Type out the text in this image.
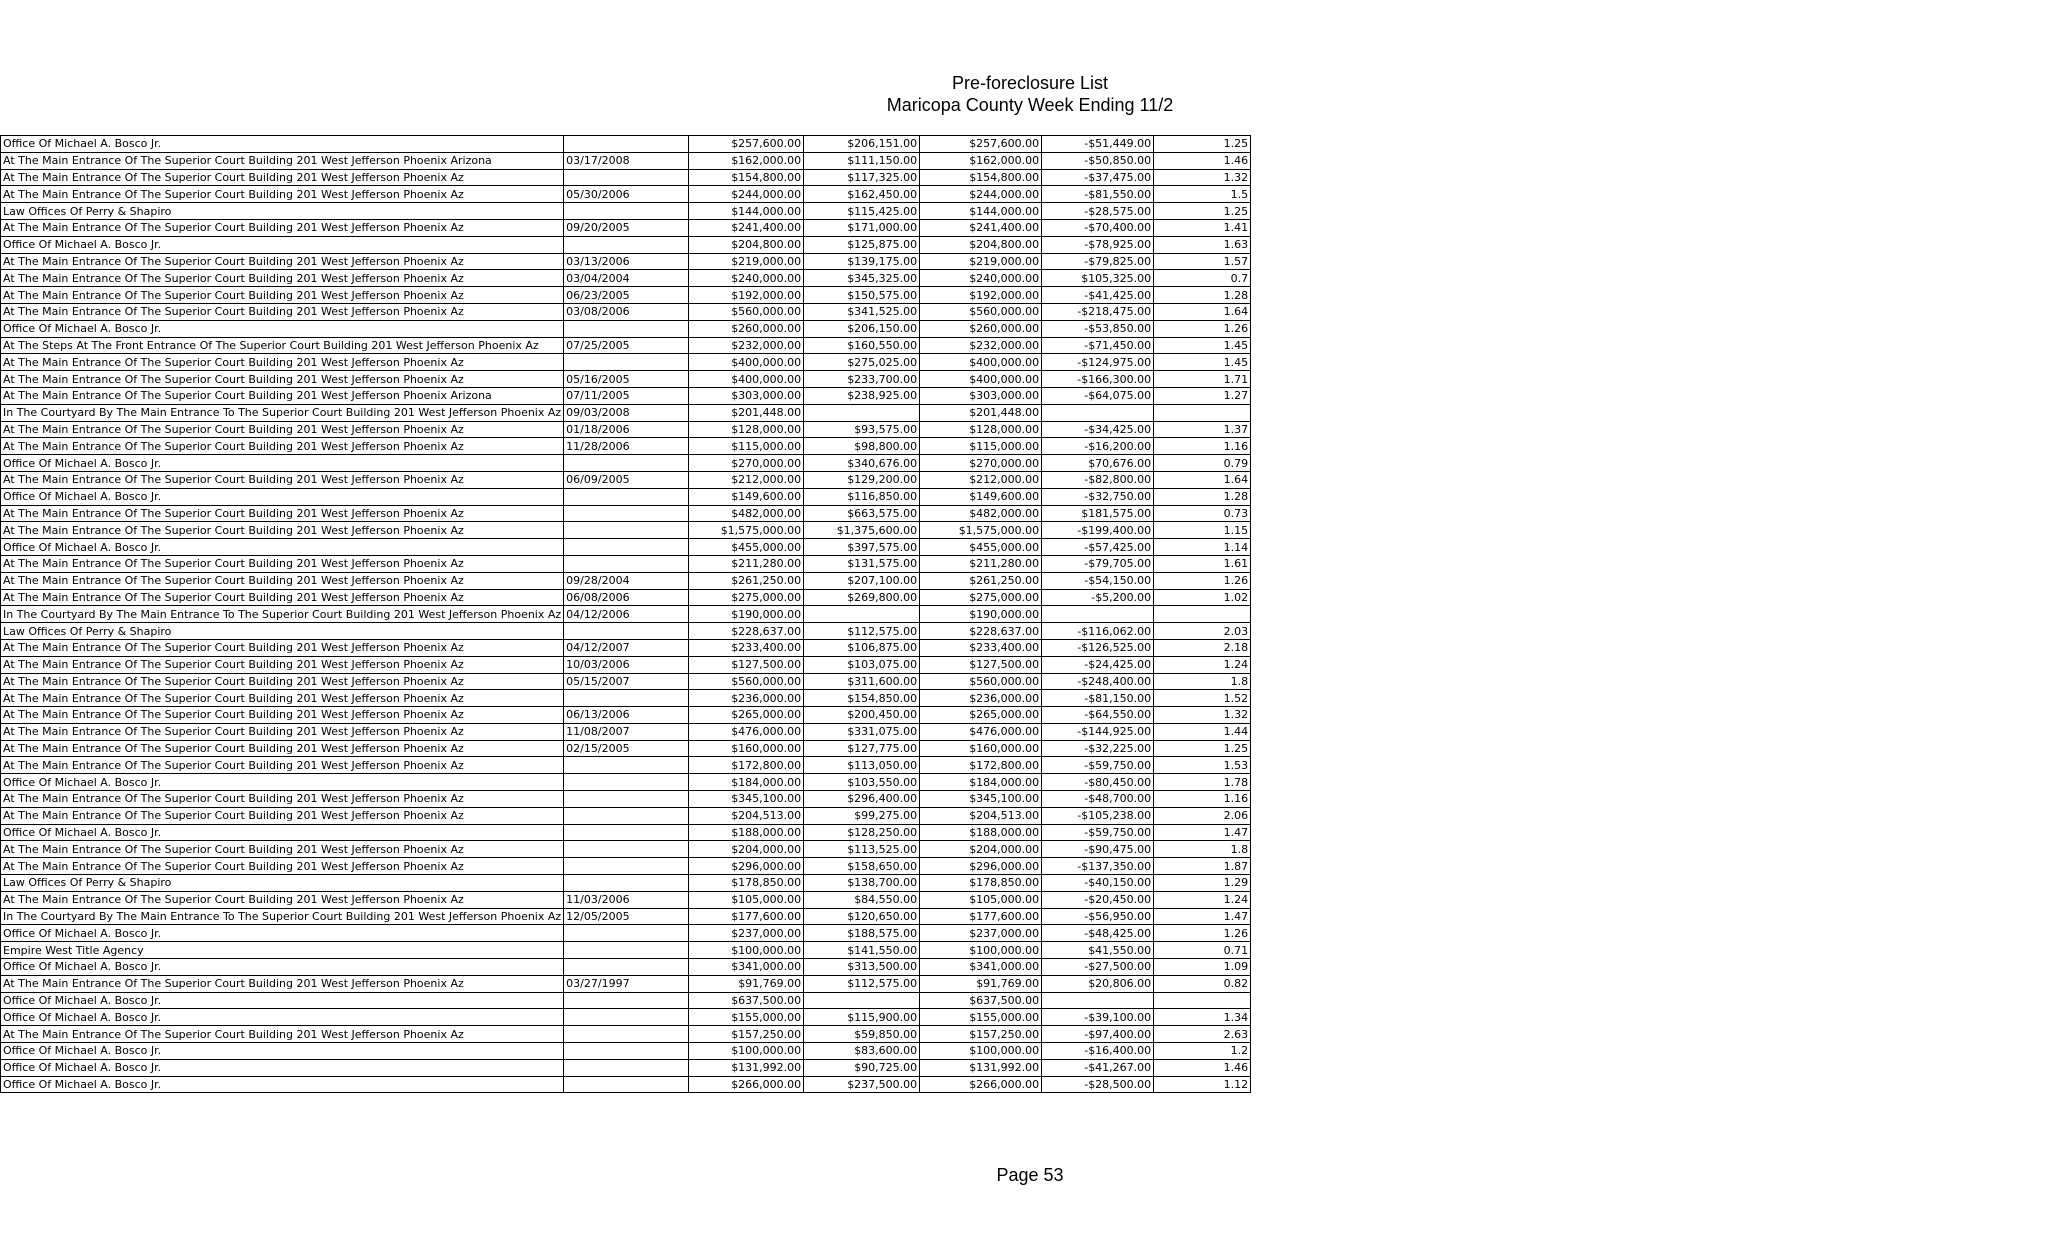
Pre-foreclosure List
Maricopa County Week Ending 11/2
Office Of Michael A. Bosco Jr.		$257,600.00	$206,151.00	$257,600.00	-$51,449.00	1.25
At The Main Entrance Of The Superior Court Building 201 West Jefferson Phoenix Arizona	03/17/2008	$162,000.00	$111,150.00	$162,000.00	-$50,850.00	1.46
At The Main Entrance Of The Superior Court Building 201 West Jefferson Phoenix Az		$154,800.00	$117,325.00	$154,800.00	-$37,475.00	1.32
At The Main Entrance Of The Superior Court Building 201 West Jefferson Phoenix Az	05/30/2006	$244,000.00	$162,450.00	$244,000.00	-$81,550.00	1.5
Law Offices Of Perry & Shapiro		$144,000.00	$115,425.00	$144,000.00	-$28,575.00	1.25
At The Main Entrance Of The Superior Court Building 201 West Jefferson Phoenix Az	09/20/2005	$241,400.00	$171,000.00	$241,400.00	-$70,400.00	1.41
Office Of Michael A. Bosco Jr.		$204,800.00	$125,875.00	$204,800.00	-$78,925.00	1.63
At The Main Entrance Of The Superior Court Building 201 West Jefferson Phoenix Az	03/13/2006	$219,000.00	$139,175.00	$219,000.00	-$79,825.00	1.57
At The Main Entrance Of The Superior Court Building 201 West Jefferson Phoenix Az	03/04/2004	$240,000.00	$345,325.00	$240,000.00	$105,325.00	0.7
At The Main Entrance Of The Superior Court Building 201 West Jefferson Phoenix Az	06/23/2005	$192,000.00	$150,575.00	$192,000.00	-$41,425.00	1.28
At The Main Entrance Of The Superior Court Building 201 West Jefferson Phoenix Az	03/08/2006	$560,000.00	$341,525.00	$560,000.00	-$218,475.00	1.64
Office Of Michael A. Bosco Jr.		$260,000.00	$206,150.00	$260,000.00	-$53,850.00	1.26
At The Steps At The Front Entrance Of The Superior Court Building 201 West Jefferson Phoenix Az	07/25/2005	$232,000.00	$160,550.00	$232,000.00	-$71,450.00	1.45
At The Main Entrance Of The Superior Court Building 201 West Jefferson Phoenix Az		$400,000.00	$275,025.00	$400,000.00	-$124,975.00	1.45
At The Main Entrance Of The Superior Court Building 201 West Jefferson Phoenix Az	05/16/2005	$400,000.00	$233,700.00	$400,000.00	-$166,300.00	1.71
At The Main Entrance Of The Superior Court Building 201 West Jefferson Phoenix Arizona	07/11/2005	$303,000.00	$238,925.00	$303,000.00	-$64,075.00	1.27
In The Courtyard By The Main Entrance To The Superior Court Building 201 West Jefferson Phoenix Az	09/03/2008	$201,448.00		$201,448.00		
At The Main Entrance Of The Superior Court Building 201 West Jefferson Phoenix Az	01/18/2006	$128,000.00	$93,575.00	$128,000.00	-$34,425.00	1.37
At The Main Entrance Of The Superior Court Building 201 West Jefferson Phoenix Az	11/28/2006	$115,000.00	$98,800.00	$115,000.00	-$16,200.00	1.16
Office Of Michael A. Bosco Jr.		$270,000.00	$340,676.00	$270,000.00	$70,676.00	0.79
At The Main Entrance Of The Superior Court Building 201 West Jefferson Phoenix Az	06/09/2005	$212,000.00	$129,200.00	$212,000.00	-$82,800.00	1.64
Office Of Michael A. Bosco Jr.		$149,600.00	$116,850.00	$149,600.00	-$32,750.00	1.28
At The Main Entrance Of The Superior Court Building 201 West Jefferson Phoenix Az		$482,000.00	$663,575.00	$482,000.00	$181,575.00	0.73
At The Main Entrance Of The Superior Court Building 201 West Jefferson Phoenix Az		$1,575,000.00	$1,375,600.00	$1,575,000.00	-$199,400.00	1.15
Office Of Michael A. Bosco Jr.		$455,000.00	$397,575.00	$455,000.00	-$57,425.00	1.14
At The Main Entrance Of The Superior Court Building 201 West Jefferson Phoenix Az		$211,280.00	$131,575.00	$211,280.00	-$79,705.00	1.61
At The Main Entrance Of The Superior Court Building 201 West Jefferson Phoenix Az	09/28/2004	$261,250.00	$207,100.00	$261,250.00	-$54,150.00	1.26
At The Main Entrance Of The Superior Court Building 201 West Jefferson Phoenix Az	06/08/2006	$275,000.00	$269,800.00	$275,000.00	-$5,200.00	1.02
In The Courtyard By The Main Entrance To The Superior Court Building 201 West Jefferson Phoenix Az	04/12/2006	$190,000.00		$190,000.00		
Law Offices Of Perry & Shapiro		$228,637.00	$112,575.00	$228,637.00	-$116,062.00	2.03
At The Main Entrance Of The Superior Court Building 201 West Jefferson Phoenix Az	04/12/2007	$233,400.00	$106,875.00	$233,400.00	-$126,525.00	2.18
At The Main Entrance Of The Superior Court Building 201 West Jefferson Phoenix Az	10/03/2006	$127,500.00	$103,075.00	$127,500.00	-$24,425.00	1.24
At The Main Entrance Of The Superior Court Building 201 West Jefferson Phoenix Az	05/15/2007	$560,000.00	$311,600.00	$560,000.00	-$248,400.00	1.8
At The Main Entrance Of The Superior Court Building 201 West Jefferson Phoenix Az		$236,000.00	$154,850.00	$236,000.00	-$81,150.00	1.52
At The Main Entrance Of The Superior Court Building 201 West Jefferson Phoenix Az	06/13/2006	$265,000.00	$200,450.00	$265,000.00	-$64,550.00	1.32
At The Main Entrance Of The Superior Court Building 201 West Jefferson Phoenix Az	11/08/2007	$476,000.00	$331,075.00	$476,000.00	-$144,925.00	1.44
At The Main Entrance Of The Superior Court Building 201 West Jefferson Phoenix Az	02/15/2005	$160,000.00	$127,775.00	$160,000.00	-$32,225.00	1.25
At The Main Entrance Of The Superior Court Building 201 West Jefferson Phoenix Az		$172,800.00	$113,050.00	$172,800.00	-$59,750.00	1.53
Office Of Michael A. Bosco Jr.		$184,000.00	$103,550.00	$184,000.00	-$80,450.00	1.78
At The Main Entrance Of The Superior Court Building 201 West Jefferson Phoenix Az		$345,100.00	$296,400.00	$345,100.00	-$48,700.00	1.16
At The Main Entrance Of The Superior Court Building 201 West Jefferson Phoenix Az		$204,513.00	$99,275.00	$204,513.00	-$105,238.00	2.06
Office Of Michael A. Bosco Jr.		$188,000.00	$128,250.00	$188,000.00	-$59,750.00	1.47
At The Main Entrance Of The Superior Court Building 201 West Jefferson Phoenix Az		$204,000.00	$113,525.00	$204,000.00	-$90,475.00	1.8
At The Main Entrance Of The Superior Court Building 201 West Jefferson Phoenix Az		$296,000.00	$158,650.00	$296,000.00	-$137,350.00	1.87
Law Offices Of Perry & Shapiro		$178,850.00	$138,700.00	$178,850.00	-$40,150.00	1.29
At The Main Entrance Of The Superior Court Building 201 West Jefferson Phoenix Az	11/03/2006	$105,000.00	$84,550.00	$105,000.00	-$20,450.00	1.24
In The Courtyard By The Main Entrance To The Superior Court Building 201 West Jefferson Phoenix Az	12/05/2005	$177,600.00	$120,650.00	$177,600.00	-$56,950.00	1.47
Office Of Michael A. Bosco Jr.		$237,000.00	$188,575.00	$237,000.00	-$48,425.00	1.26
Empire West Title Agency		$100,000.00	$141,550.00	$100,000.00	$41,550.00	0.71
Office Of Michael A. Bosco Jr.		$341,000.00	$313,500.00	$341,000.00	-$27,500.00	1.09
At The Main Entrance Of The Superior Court Building 201 West Jefferson Phoenix Az	03/27/1997	$91,769.00	$112,575.00	$91,769.00	$20,806.00	0.82
Office Of Michael A. Bosco Jr.		$637,500.00		$637,500.00		
Office Of Michael A. Bosco Jr.		$155,000.00	$115,900.00	$155,000.00	-$39,100.00	1.34
At The Main Entrance Of The Superior Court Building 201 West Jefferson Phoenix Az		$157,250.00	$59,850.00	$157,250.00	-$97,400.00	2.63
Office Of Michael A. Bosco Jr.		$100,000.00	$83,600.00	$100,000.00	-$16,400.00	1.2
Office Of Michael A. Bosco Jr.		$131,992.00	$90,725.00	$131,992.00	-$41,267.00	1.46
Office Of Michael A. Bosco Jr.		$266,000.00	$237,500.00	$266,000.00	-$28,500.00	1.12
Page 53
